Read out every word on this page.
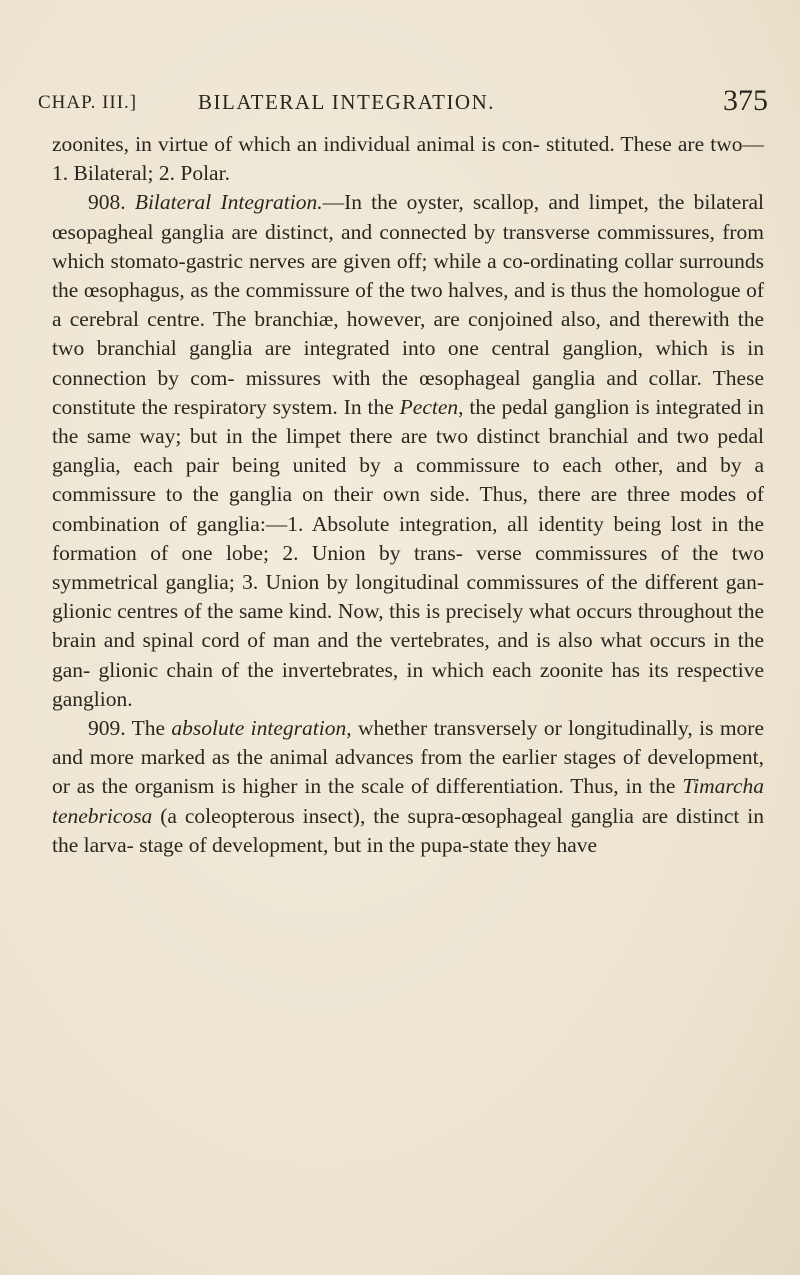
CHAP. III.]	BILATERAL INTEGRATION.	375

zoonites, in virtue of which an individual animal is con- stituted. These are two—1. Bilateral; 2. Polar.

908. Bilateral Integration.—In the oyster, scallop, and limpet, the bilateral œsopagheal ganglia are distinct, and connected by transverse commissures, from which stomato-gastric nerves are given off; while a co-ordinating collar surrounds the œsophagus, as the commissure of the two halves, and is thus the homologue of a cerebral centre. The branchiæ, however, are conjoined also, and therewith the two branchial ganglia are integrated into one central ganglion, which is in connection by com- missures with the œsophageal ganglia and collar. These constitute the respiratory system. In the Pecten, the pedal ganglion is integrated in the same way; but in the limpet there are two distinct branchial and two pedal ganglia, each pair being united by a commissure to each other, and by a commissure to the ganglia on their own side. Thus, there are three modes of combination of ganglia:—1. Absolute integration, all identity being lost in the formation of one lobe; 2. Union by trans- verse commissures of the two symmetrical ganglia; 3. Union by longitudinal commissures of the different gan- glionic centres of the same kind. Now, this is precisely what occurs throughout the brain and spinal cord of man and the vertebrates, and is also what occurs in the gan- glionic chain of the invertebrates, in which each zoonite has its respective ganglion.

909. The absolute integration, whether transversely or longitudinally, is more and more marked as the animal advances from the earlier stages of development, or as the organism is higher in the scale of differentiation. Thus, in the Timarcha tenebricosa (a coleopterous insect), the supra-œsophageal ganglia are distinct in the larva- stage of development, but in the pupa-state they have
